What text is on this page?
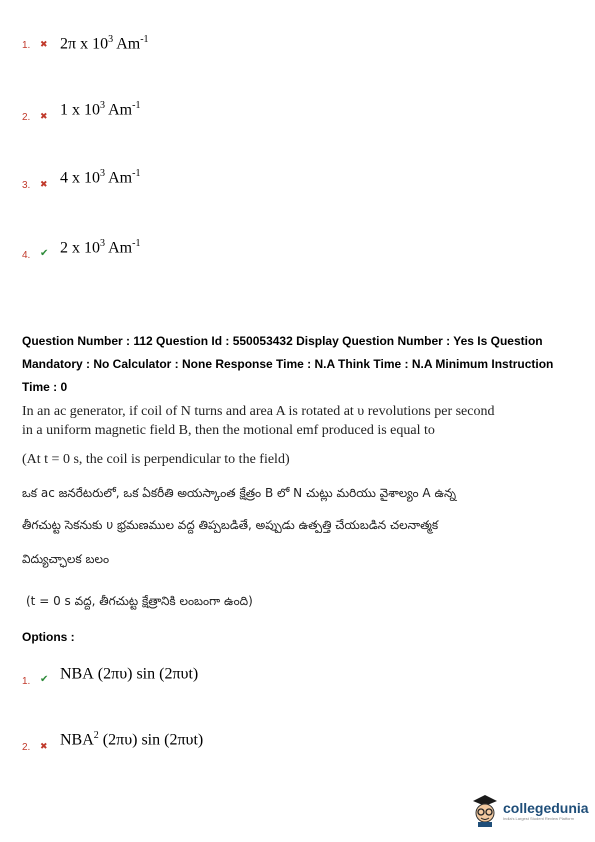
1.	✖ 2π x $10^3$ $Am^{-1}$
2.	✖ 1 x $10^3$ $Am^{-1}$
3.	✖ 4 x $10^3$ $Am^{-1}$
4. ✔ 2 x $10^3$ $Am^{-1}$
Question Number : 112 Question Id : 550053432 Display Question Number : Yes Is Question
Mandatory : No Calculator : None Response Time : N.A Think Time : N.A Minimum Instruction
Time : 0
In an ac generator, if coil of N turns and area A is rotated at υ revolutions per second
in a uniform magnetic field B, then the motional emf produced is equal to
(At t = 0 s, the coil is perpendicular to the field)
ఒక ac జనరేటరులో, ఒక ఏకరీతి అయస్కాంత క్షేత్రం B లో N చుట్లు మరియు వైశాల్యం A ఉన్న
తీగచుట్ట సెకనుకు υ భ్రమణముల వద్ద తిప్పబడితే, అప్పుడు ఉత్పత్తి చేయబడిన చలనాత్మక
విద్యుచ్ఛాలక బలం
(t = 0 s వద్ద, తీగచుట్ట క్షేత్రానికి లంబంగా ఉంది)
Options :
1. ✔ NBA (2πυ) sin (2πυt)
2.	✖ NBA$^2$ (2πυ) sin (2πυt)
collegedunia
India's Largest Student Review Platform
